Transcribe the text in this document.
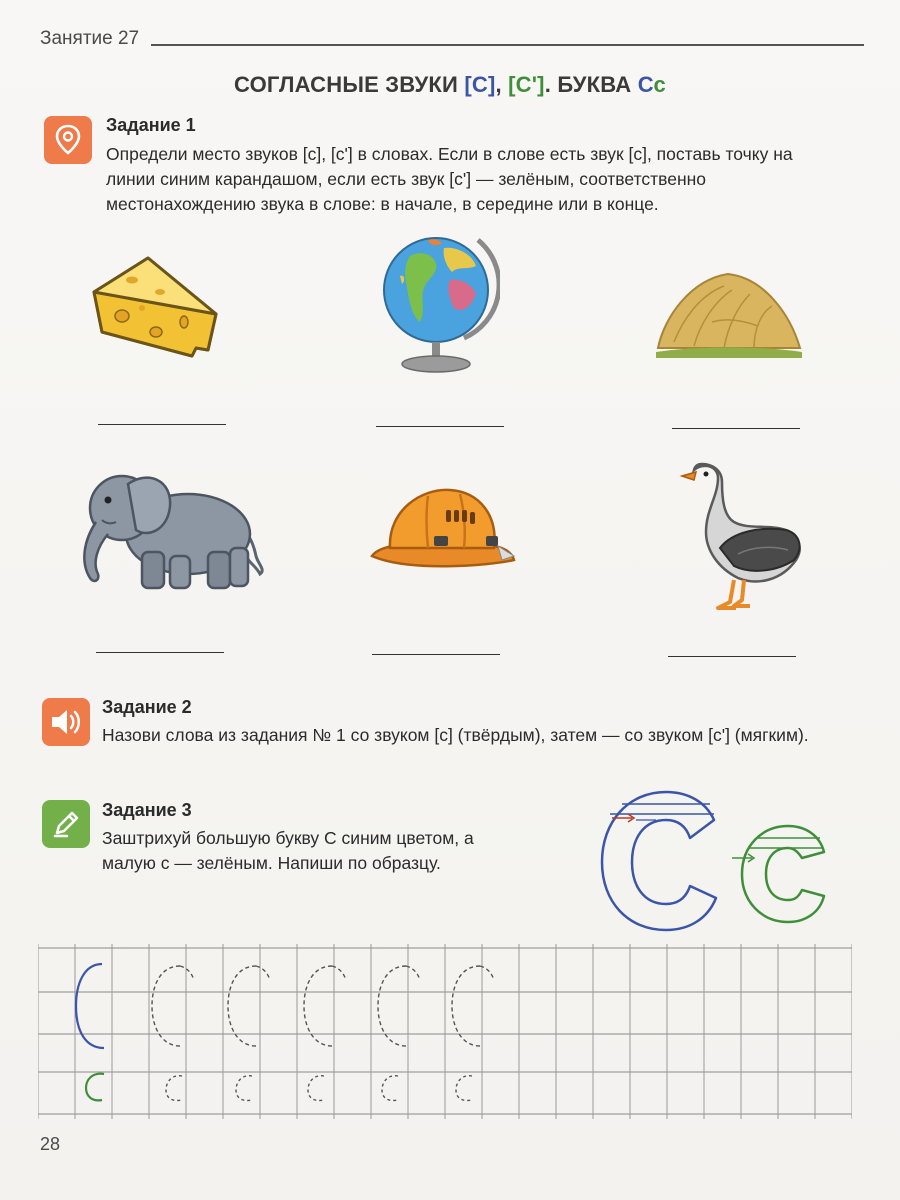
Занятие 27
СОГЛАСНЫЕ ЗВУКИ [С], [С']. БУКВА Сс
Задание 1
Определи место звуков [с], [с'] в словах. Если в слове есть звук [с], поставь точку на линии синим карандашом, если есть звук [с'] — зелёным, соответственно местонахождению звука в слове: в начале, в середине или в конце.
Задание 2
Назови слова из задания № 1 со звуком [с] (твёрдым), затем — со звуком [с'] (мягким).
Задание 3
Заштрихуй большую букву С синим цветом, а малую с — зелёным. Напиши по образцу.
28
